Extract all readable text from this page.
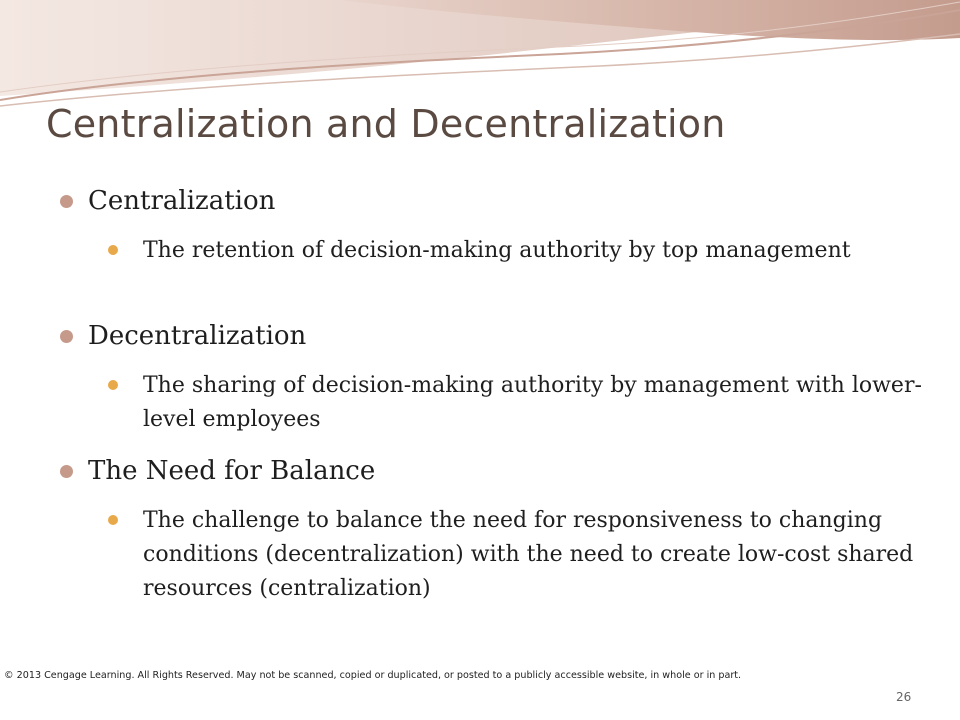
Centralization and Decentralization
Centralization
The retention of decision-making authority by top management
Decentralization
The sharing of decision-making authority by management with lower-level employees
The Need for Balance
The challenge to balance the need for responsiveness to changing conditions (decentralization) with the need to create low-cost shared resources (centralization)
© 2013 Cengage Learning. All Rights Reserved. May not be scanned, copied or duplicated, or posted to a publicly accessible website, in whole or in part.
26
